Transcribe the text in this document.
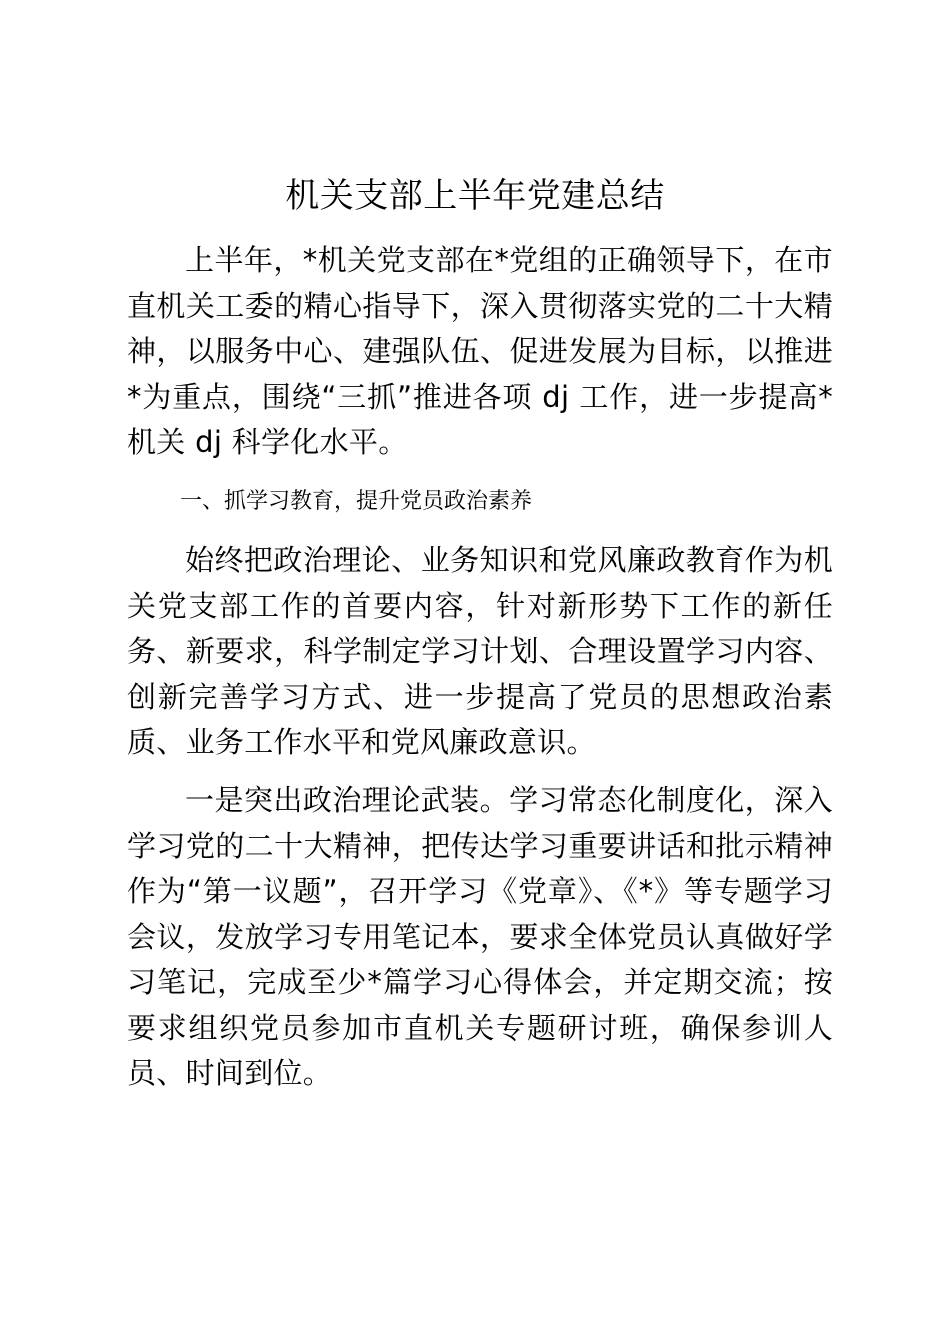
机关支部上半年党建总结

上半年，*机关党支部在*党组的正确领导下，在市直机关工委的精心指导下，深入贯彻落实党的二十大精神，以服务中心、建强队伍、促进发展为目标，以推进*为重点，围绕“三抓”推进各项 dj 工作，进一步提高*机关 dj 科学化水平。

一、抓学习教育，提升党员政治素养

始终把政治理论、业务知识和党风廉政教育作为机关党支部工作的首要内容，针对新形势下工作的新任务、新要求，科学制定学习计划、合理设置学习内容、创新完善学习方式、进一步提高了党员的思想政治素质、业务工作水平和党风廉政意识。

一是突出政治理论武装。学习常态化制度化，深入学习党的二十大精神，把传达学习重要讲话和批示精神作为“第一议题”，召开学习《党章》、《*》等专题学习会议，发放学习专用笔记本，要求全体党员认真做好学习笔记，完成至少*篇学习心得体会，并定期交流；按要求组织党员参加市直机关专题研讨班，确保参训人员、时间到位。
